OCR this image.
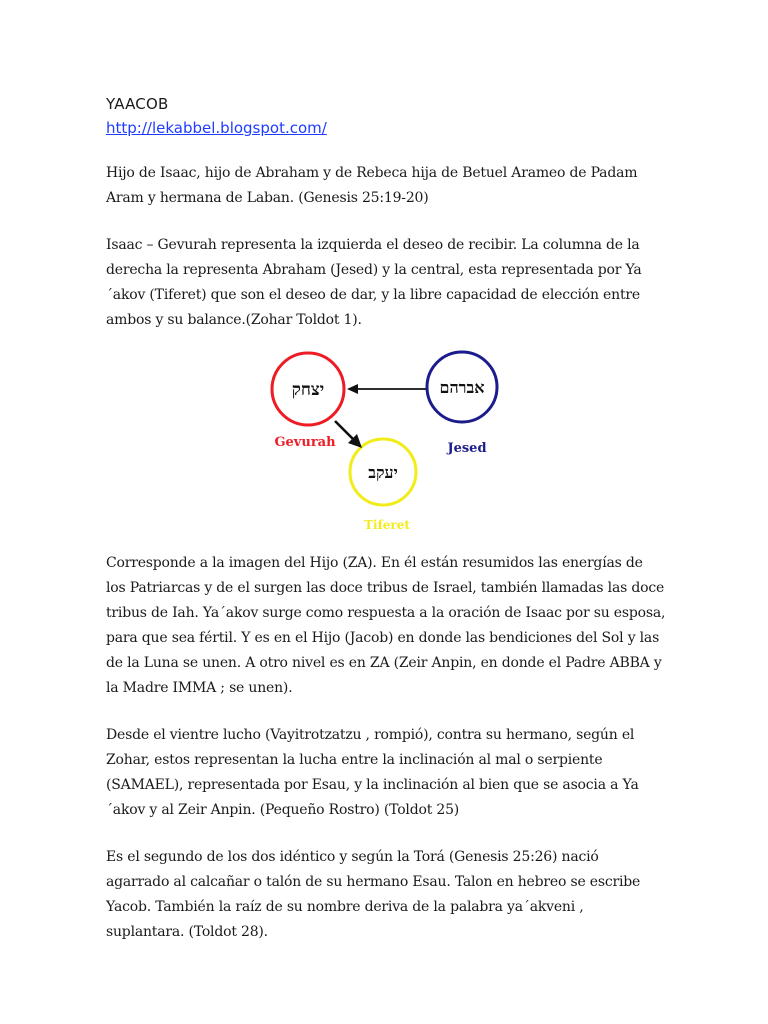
YAACOB
http://lekabbel.blogspot.com/

Hijo de Isaac, hijo de Abraham y de Rebeca hija de Betuel Arameo de Padam Aram y hermana de Laban. (Genesis 25:19-20)

Isaac – Gevurah representa la izquierda el deseo de recibir. La columna de la derecha la representa Abraham (Jesed) y la central, esta representada por Ya´akov (Tiferet) que son el deseo de dar, y la libre capacidad de elección entre ambos y su balance.(Zohar Toldot 1).

יצחק
Gevurah
אברהם
Jesed
יעקב
Tiferet

Corresponde a la imagen del Hijo (ZA). En él están resumidos las energías de los Patriarcas y de el surgen las doce tribus de Israel, también llamadas las doce tribus de Iah. Ya´akov surge como respuesta a la oración de Isaac por su esposa, para que sea fértil. Y es en el Hijo (Jacob) en donde las bendiciones del Sol y las de la Luna se unen. A otro nivel es en ZA (Zeir Anpin, en donde el Padre ABBA y la Madre IMMA ; se unen).

Desde el vientre lucho (Vayitrotzatzu , rompió), contra su hermano, según el Zohar, estos representan la lucha entre la inclinación al mal o serpiente (SAMAEL), representada por Esau, y la inclinación al bien que se asocia a Ya´akov y al Zeir Anpin. (Pequeño Rostro) (Toldot 25)

Es el segundo de los dos idéntico y según la Torá (Genesis 25:26) nació agarrado al calcañar o talón de su hermano Esau. Talon en hebreo se escribe Yacob. También la raíz de su nombre deriva de la palabra ya´akveni , suplantara. (Toldot 28).
